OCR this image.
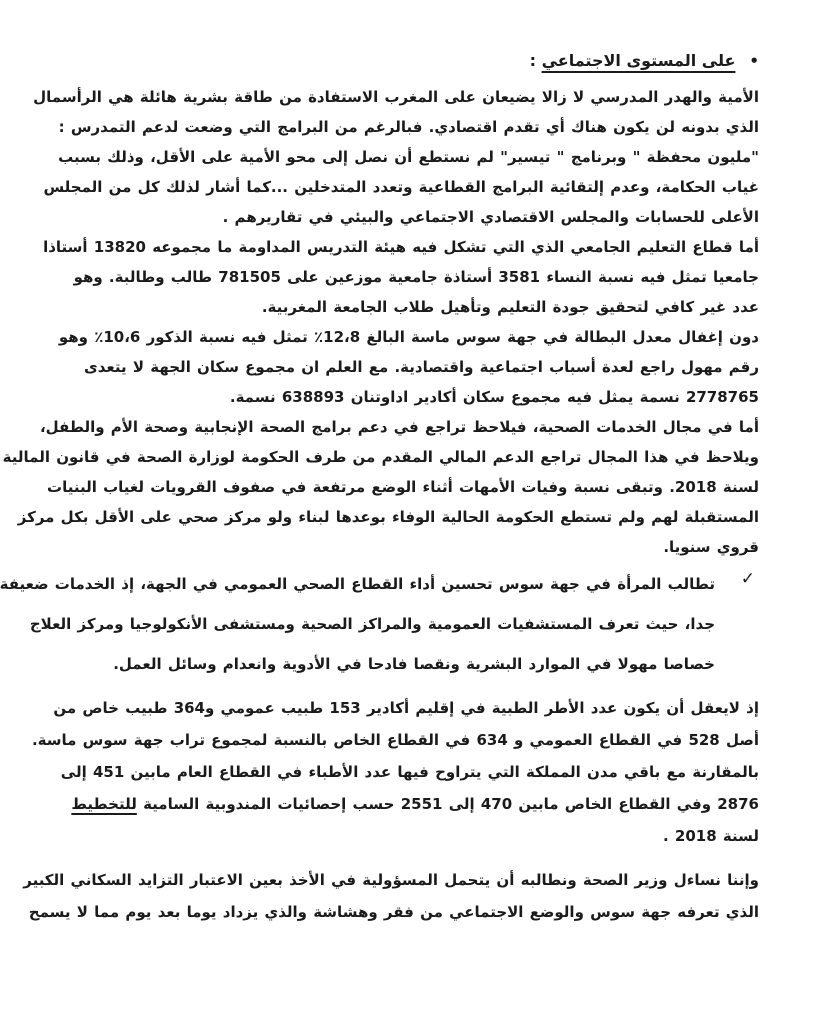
•على المستوى الاجتماعي :
الأمية والهدر المدرسي لا زالا يضيعان على المغرب الاستفادة من طاقة بشرية هائلة هي الرأسمال
الذي بدونه لن يكون هناك أي تقدم اقتصادي. فبالرغم من البرامج التي وضعت لدعم التمدرس :
"مليون محفظة " وبرنامج " تيسير" لم نستطع أن نصل إلى محو الأمية على الأقل، وذلك بسبب
غياب الحكامة، وعدم إلتقائية البرامج القطاعية وتعدد المتدخلين ...كما أشار لذلك كل من المجلس
الأعلى للحسابات والمجلس الاقتصادي الاجتماعي والبيئي في تقاريرهم .
أما قطاع التعليم الجامعي الذي التي تشكل فيه هيئة التدريس المداومة ما مجموعه 13820 أستاذا
جامعيا تمثل فيه نسبة النساء 3581 أستاذة جامعية موزعين على 781505 طالب وطالبة. وهو
عدد غير كافي لتحقيق جودة التعليم وتأهيل طلاب الجامعة المغربية.
دون إغفال معدل البطالة في جهة سوس ماسة البالغ ⁦٪12،8⁩ تمثل فيه نسبة الذكور ⁦٪10،6⁩ وهو
رقم مهول راجع لعدة أسباب اجتماعية واقتصادية. مع العلم ان مجموع سكان الجهة لا يتعدى
2778765 نسمة يمثل فيه مجموع سكان أكادير اداوتنان 638893 نسمة.
أما في مجال الخدمات الصحية، فيلاحظ تراجع في دعم برامج الصحة الإنجابية وصحة الأم والطفل،
ويلاحظ في هذا المجال تراجع الدعم المالي المقدم من طرف الحكومة لوزارة الصحة في قانون المالية
لسنة 2018. وتبقى نسبة وفيات الأمهات أثناء الوضع مرتفعة في صفوف القرويات لغياب البنيات
المستقبلة لهم ولم تستطع الحكومة الحالية الوفاء بوعدها لبناء ولو مركز صحي على الأقل بكل مركز
قروي سنويا.
✓
تطالب المرأة في جهة سوس تحسين أداء القطاع الصحي العمومي في الجهة، إذ الخدمات ضعيفة
جدا، حيث تعرف المستشفيات العمومية والمراكز الصحية ومستشفى الأنكولوجيا ومركز العلاج
خصاصا مهولا في الموارد البشرية ونقصا فادحا في الأدوية وانعدام وسائل العمل.
إذ لايعقل أن يكون عدد الأطر الطبية في إقليم أكادير 153 طبيب عمومي و364 طبيب خاص من
أصل 528 في القطاع العمومي و 634 في القطاع الخاص بالنسبة لمجموع تراب جهة سوس ماسة.
بالمقارنة مع باقي مدن المملكة التي يتراوح فيها عدد الأطباء في القطاع العام مابين 451 إلى
2876 وفي القطاع الخاص مابين 470 إلى 2551 حسب إحصائيات المندوبية السامية للتخطيط
لسنة 2018 .
وإننا نساءل وزير الصحة ونطالبه أن يتحمل المسؤولية في الأخذ بعين الاعتبار التزايد السكاني الكبير
الذي تعرفه جهة سوس والوضع الاجتماعي من فقر وهشاشة والذي يزداد يوما بعد يوم مما لا يسمح
